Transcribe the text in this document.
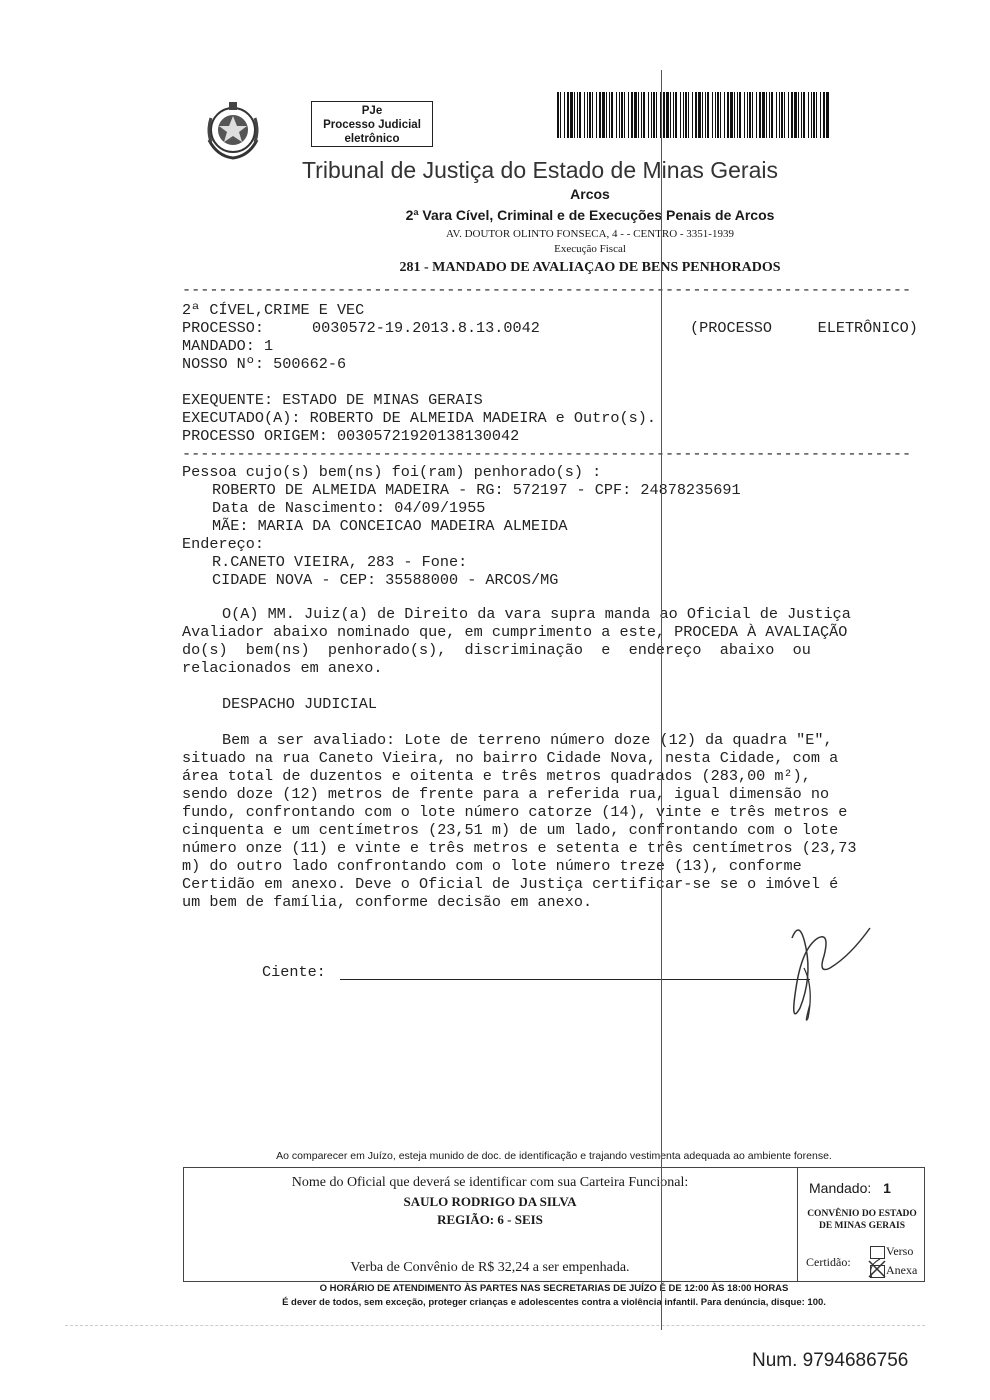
PJe
Processo Judicial
eletrônico
Tribunal de Justiça do Estado de Minas Gerais
Arcos
2ª Vara Cível, Criminal e de Execuções Penais de Arcos
AV. DOUTOR OLINTO FONSECA, 4 - - CENTRO - 3351-1939
Execução Fiscal
281 - MANDADO DE AVALIAÇAO DE BENS PENHORADOS
--------------------------------------------------------------------------------
2ª CÍVEL,CRIME E VEC
PROCESSO:	0030572-19.2013.8.13.0042	(PROCESSO     ELETRÔNICO)
MANDADO: 1
NOSSO Nº: 500662-6
EXEQUENTE: ESTADO DE MINAS GERAIS
EXECUTADO(A): ROBERTO DE ALMEIDA MADEIRA e Outro(s).
PROCESSO ORIGEM: 00305721920138130042
--------------------------------------------------------------------------------
Pessoa cujo(s) bem(ns) foi(ram) penhorado(s) :
ROBERTO DE ALMEIDA MADEIRA - RG: 572197 - CPF: 24878235691
Data de Nascimento: 04/09/1955
MÃE: MARIA DA CONCEICAO MADEIRA ALMEIDA
Endereço:
R.CANETO VIEIRA, 283 - Fone:
CIDADE NOVA - CEP: 35588000 - ARCOS/MG
O(A) MM. Juiz(a) de Direito da vara supra manda ao Oficial de Justiça
Avaliador abaixo nominado que, em cumprimento a este, PROCEDA À AVALIAÇÃO
do(s)  bem(ns)  penhorado(s),  discriminação  e  endereço  abaixo  ou
relacionados em anexo.
DESPACHO JUDICIAL
Bem a ser avaliado: Lote de terreno número doze (12) da quadra "E",
situado na rua Caneto Vieira, no bairro Cidade Nova, nesta Cidade, com a
área total de duzentos e oitenta e três metros quadrados (283,00 m²),
sendo doze (12) metros de frente para a referida rua, igual dimensão no
fundo, confrontando com o lote número catorze (14), vinte e três metros e
cinquenta e um centímetros (23,51 m) de um lado, confrontando com o lote
número onze (11) e vinte e três metros e setenta e três centímetros (23,73
m) do outro lado confrontando com o lote número treze (13), conforme
Certidão em anexo. Deve o Oficial de Justiça certificar-se se o imóvel é
um bem de família, conforme decisão em anexo.
Ciente:
Ao comparecer em Juízo, esteja munido de doc. de identificação e trajando vestimenta adequada ao ambiente forense.
Nome do Oficial que deverá se identificar com sua Carteira Funcional:
SAULO RODRIGO DA SILVA
REGIÃO: 6 - SEIS
Verba de Convênio de R$ 32,24 a ser empenhada.
Mandado: 1
CONVÊNIO DO ESTADO
DE MINAS GERAIS
Certidão:
Verso
Anexa
O HORÁRIO DE ATENDIMENTO ÀS PARTES NAS SECRETARIAS DE JUÍZO É DE 12:00 ÀS 18:00 HORAS
É dever de todos, sem exceção, proteger crianças e adolescentes contra a violência infantil. Para denúncia, disque: 100.
Num. 9794686756
